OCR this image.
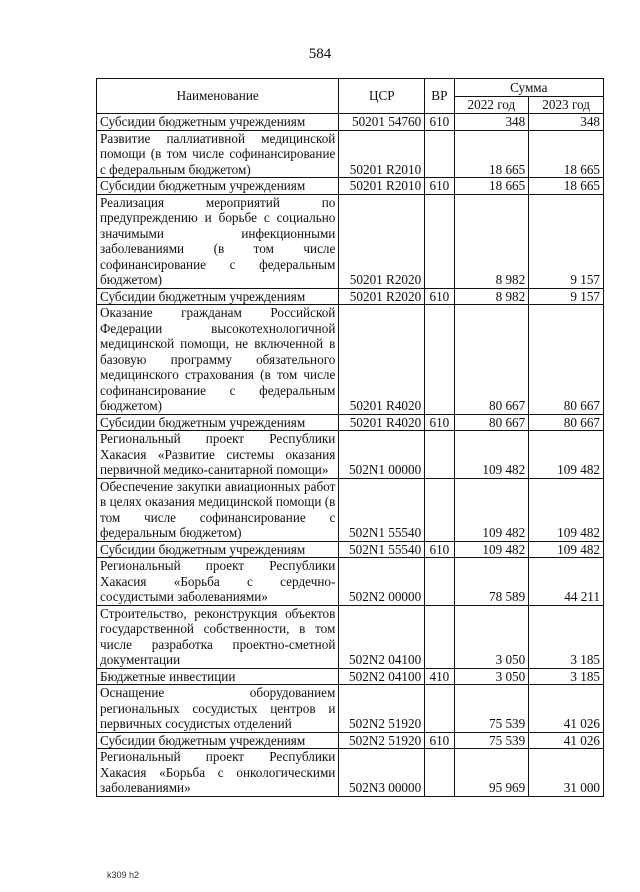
584
Наименование	ЦСР	ВР	Сумма	
			2022 год	2023 год
Субсидии бюджетным учреждениям	50201 54760	610	348	348
Развитие паллиативной медицинской помощи (в том числе софинансирование с федеральным бюджетом)	50201 R2010		18 665	18 665
Субсидии бюджетным учреждениям	50201 R2010	610	18 665	18 665
Реализация мероприятий по предупреждению и борьбе с социально значимыми инфекционными заболеваниями (в том числе софинансирование с федеральным бюджетом)	50201 R2020		8 982	9 157
Субсидии бюджетным учреждениям	50201 R2020	610	8 982	9 157
Оказание гражданам Российской Федерации высокотехнологичной медицинской помощи, не включенной в базовую программу обязательного медицинского страхования (в том числе софинансирование с федеральным бюджетом)	50201 R4020		80 667	80 667
Субсидии бюджетным учреждениям	50201 R4020	610	80 667	80 667
Региональный проект Республики Хакасия «Развитие системы оказания первичной медико-санитарной помощи»	502N1 00000		109 482	109 482
Обеспечение закупки авиационных работ в целях оказания медицинской помощи (в том числе софинансирование с федеральным бюджетом)	502N1 55540		109 482	109 482
Субсидии бюджетным учреждениям	502N1 55540	610	109 482	109 482
Региональный проект Республики Хакасия «Борьба с сердечно-сосудистыми заболеваниями»	502N2 00000		78 589	44 211
Строительство, реконструкция объектов государственной собственности, в том числе разработка проектно-сметной документации	502N2 04100		3 050	3 185
Бюджетные инвестиции	502N2 04100	410	3 050	3 185
Оснащение оборудованием региональных сосудистых центров и первичных сосудистых отделений	502N2 51920		75 539	41 026
Субсидии бюджетным учреждениям	502N2 51920	610	75 539	41 026
Региональный проект Республики Хакасия «Борьба с онкологическими заболеваниями»	502N3 00000		95 969	31 000
k309 h2
